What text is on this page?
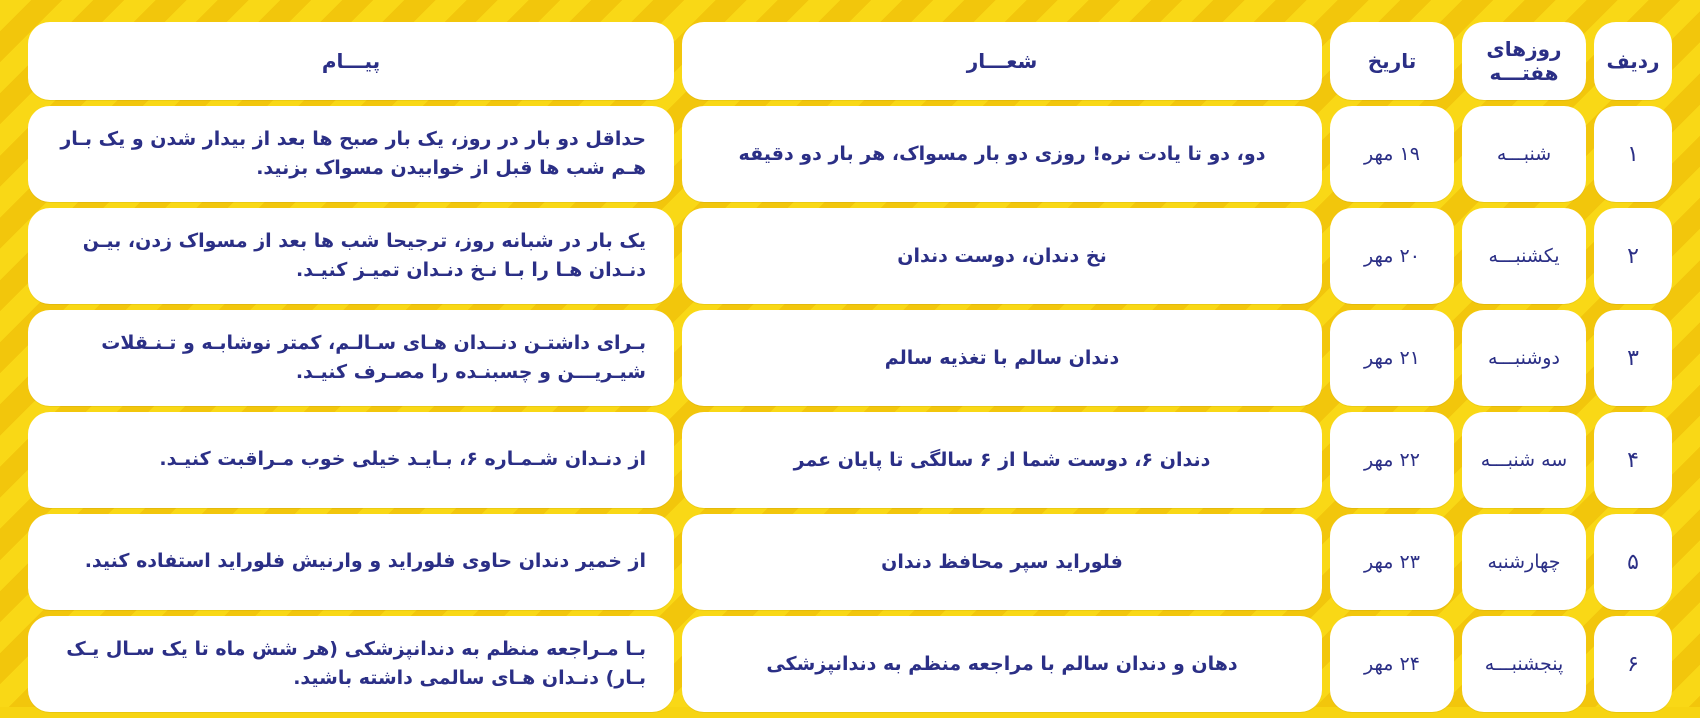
ردیف	روزهای هفتـــه	تاریخ	شعـــار	پیـــام
۱	شنبـــه	۱۹ مهر	دو، دو تا یادت نره! روزی دو بار مسواک، هر بار دو دقیقه	حداقل دو بار در روز، یک بار صبح ها بعد از بیدار شدن و یک بـار هـم شب ها قبل از خوابیدن مسواک بزنید.
۲	یکشنبـــه	۲۰ مهر	نخ دندان، دوست دندان	یک بار در شبانه روز، ترجیحا شب ها بعد از مسواک زدن، بیـن دنـدان هـا را بـا نـخ دنـدان تمیـز کنیـد.
۳	دوشنبـــه	۲۱ مهر	دندان سالم با تغذیه سالم	بـرای داشتـن دنــدان هـای سـالـم، کمتر نوشابـه و تـنـقلات شیـریـــن و چسبنـده را مصـرف کنیـد.
۴	سه شنبـــه	۲۲ مهر	دندان ۶، دوست شما از ۶ سالگی تا پایان عمر	از دنـدان شـمـاره ۶، بـایـد خیلی خوب مـراقبت کنیـد.
۵	چهارشنبه	۲۳ مهر	فلوراید سپر محافظ دندان	از خمیر دندان حاوی فلوراید و وارنیش فلوراید استفاده کنید.
۶	پنجشنبـــه	۲۴ مهر	دهان و دندان سالم با مراجعه منظم به دندانپزشکی	بـا مـراجعه منظم به دندانپزشکی (هر شش ماه تا یک سـال یـک بـار) دنـدان هـای سالمی داشته باشید.
